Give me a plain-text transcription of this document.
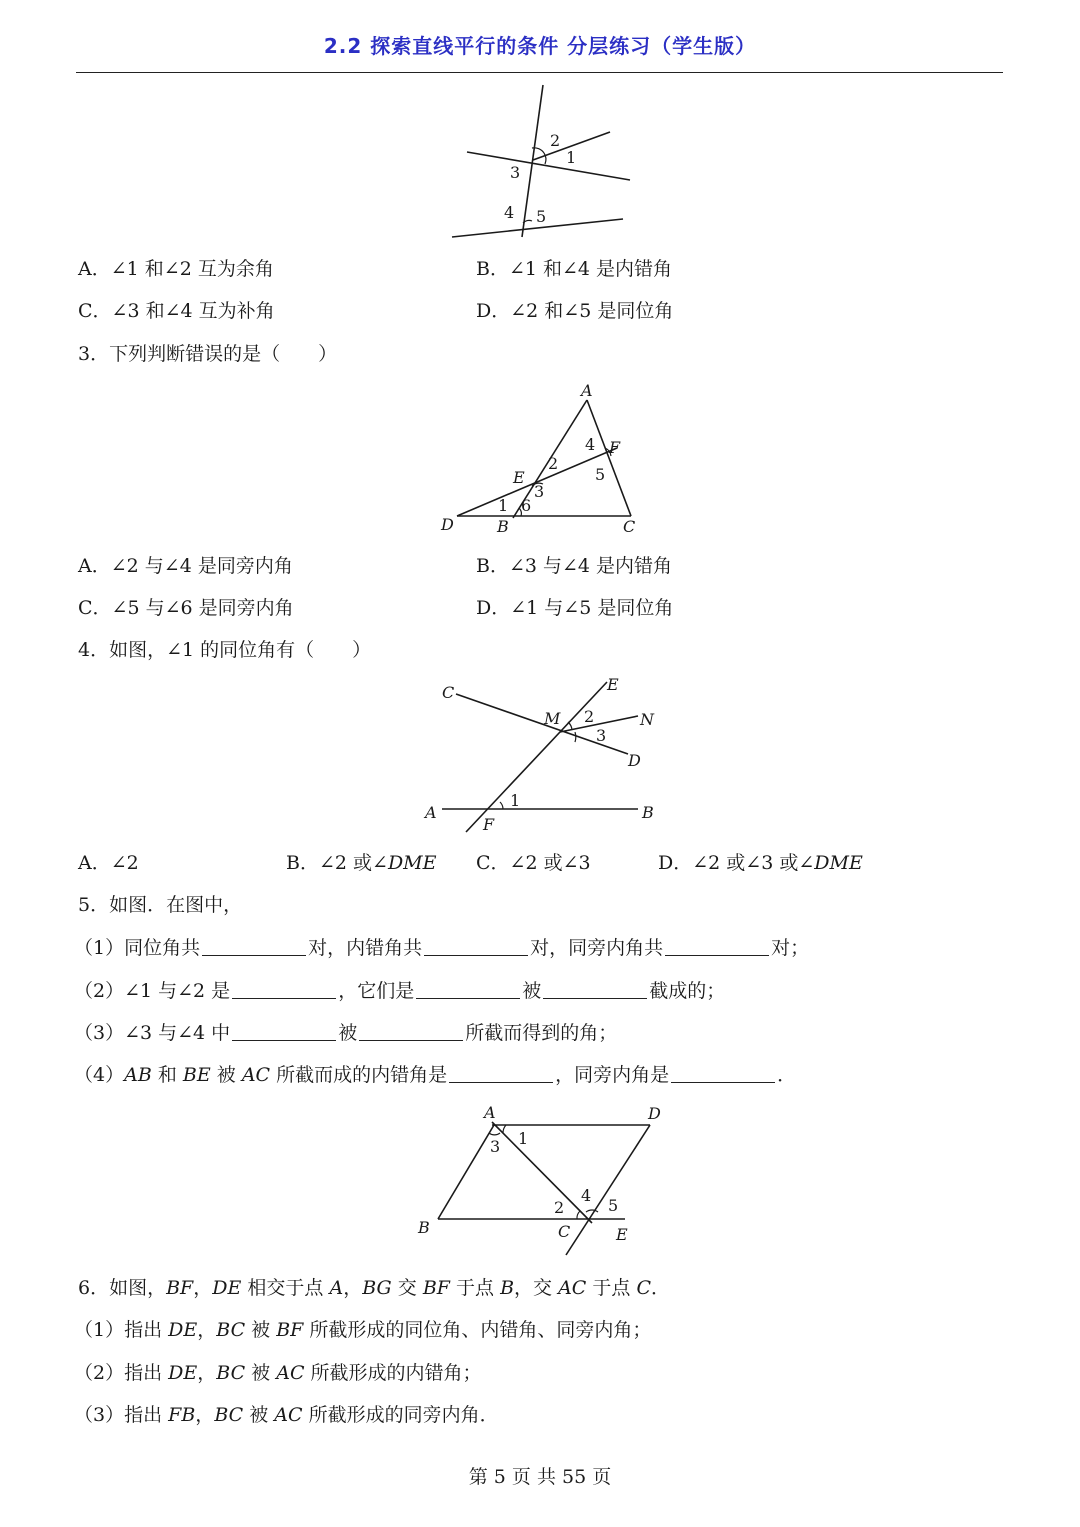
2.2 探索直线平行的条件 分层练习（学生版）
2
1
3
4 5
A．∠1 和∠2 互为余角	B．∠1 和∠4 是内错角
C．∠3 和∠4 互为补角	D．∠2 和∠5 是同位角
3．下列判断错误的是（　　）
A
F
4
2
5
E
3
1 6
D	B	C
A．∠2 与∠4 是同旁内角	B．∠3 与∠4 是内错角
C．∠5 与∠6 是同旁内角	D．∠1 与∠5 是同位角
4．如图，∠1 的同位角有（　　）
C	E
M 2	N
3
D
A
1
B
F
A．∠2	B．∠2 或∠DME C．∠2 或∠3	D．∠2 或∠3 或∠DME
5．如图．在图中，
（1）同位角共	对，内错角共	对，同旁内角共	对；
（2）∠1 与∠2 是	，它们是	被	截成的；
（3）∠3 与∠4 中	被	所截而得到的角；
（4）AB 和 BE 被 AC 所截而成的内错角是	，同旁内角是	．
A	D
1
3
2
4
5
B	C	E
6．如图，BF，DE 相交于点 A，BG 交 BF 于点 B，交 AC 于点 C．
（1）指出 DE，BC 被 BF 所截形成的同位角、内错角、同旁内角；
（2）指出 DE，BC 被 AC 所截形成的内错角；
（3）指出 FB，BC 被 AC 所截形成的同旁内角．
第 5 页 共 55 页
